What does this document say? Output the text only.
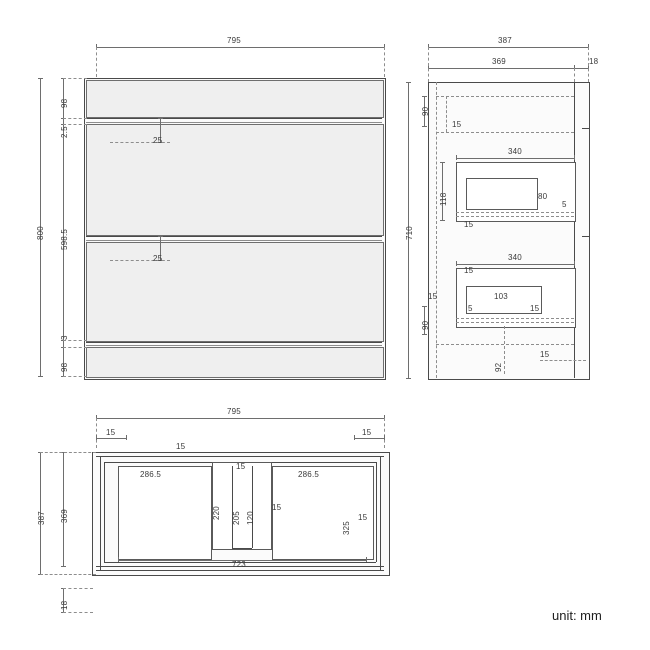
795
800
98
2.5
598.5
3
98
25
25
387
369	18
710
90
15
340
118	80
5
15
340
15
15
5
103
15
90
92
15
795
15	15
15
286.5
15
286.5
220 205 120
15
325
15
723
387 369
18
unit: mm
